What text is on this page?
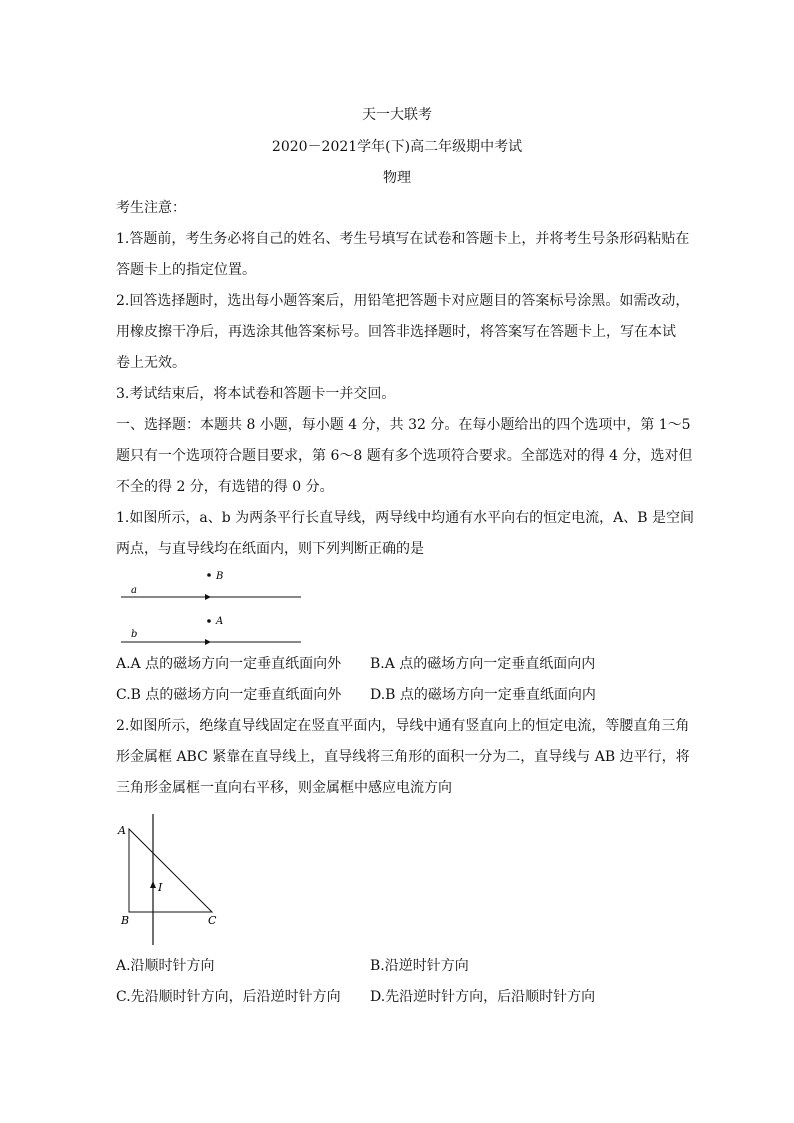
天一大联考
2020－2021学年(下)高二年级期中考试
物理
考生注意：
1.答题前，考生务必将自己的姓名、考生号填写在试卷和答题卡上，并将考生号条形码粘贴在
答题卡上的指定位置。
2.回答选择题时，选出每小题答案后，用铅笔把答题卡对应题目的答案标号涂黑。如需改动，
用橡皮擦干净后，再选涂其他答案标号。回答非选择题时，将答案写在答题卡上，写在本试
卷上无效。
3.考试结束后，将本试卷和答题卡一并交回。
一、选择题：本题共 8 小题，每小题 4 分，共 32 分。在每小题给出的四个选项中，第 1～5
题只有一个选项符合题目要求，第 6～8 题有多个选项符合要求。全部选对的得 4 分，选对但
不全的得 2 分，有选错的得 0 分。
1.如图所示，a、b 为两条平行长直导线，两导线中均通有水平向右的恒定电流，A、B 是空间
两点，与直导线均在纸面内，则下列判断正确的是
B
a
A
b
A.A 点的磁场方向一定垂直纸面向外 B.A 点的磁场方向一定垂直纸面向内
C.B 点的磁场方向一定垂直纸面向外 D.B 点的磁场方向一定垂直纸面向内
2.如图所示，绝缘直导线固定在竖直平面内，导线中通有竖直向上的恒定电流，等腰直角三角
形金属框 ABC 紧靠在直导线上，直导线将三角形的面积一分为二，直导线与 AB 边平行，将
三角形金属框一直向右平移，则金属框中感应电流方向
A
B	C
I
A.沿顺时针方向	B.沿逆时针方向
C.先沿顺时针方向，后沿逆时针方向 D.先沿逆时针方向，后沿顺时针方向
